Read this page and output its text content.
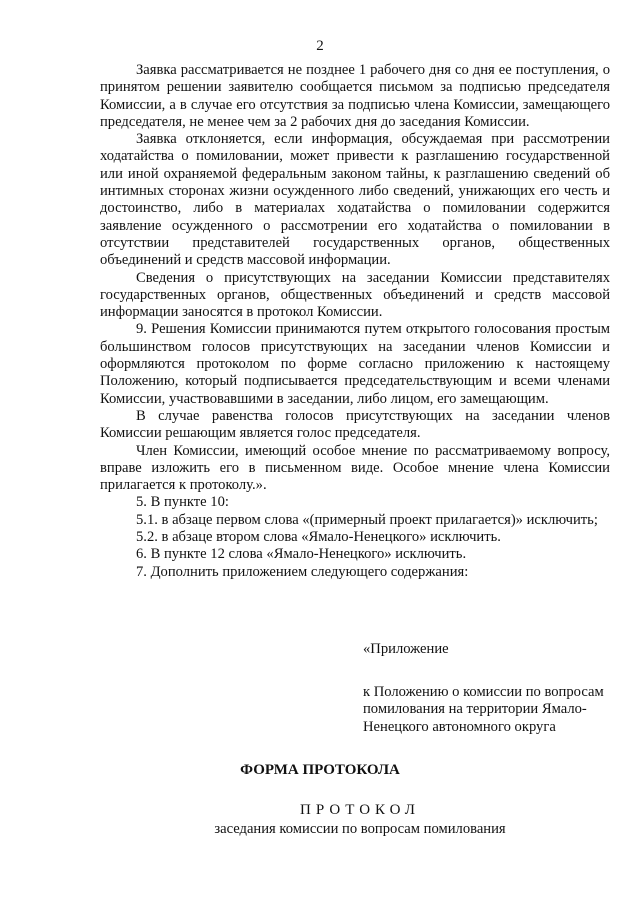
2

Заявка рассматривается не позднее 1 рабочего дня со дня ее поступления, о принятом решении заявителю сообщается письмом за подписью председателя Комиссии, а в случае его отсутствия за подписью члена Комиссии, замещающего председателя, не менее чем за 2 рабочих дня до заседания Комиссии.

Заявка отклоняется, если информация, обсуждаемая при рассмотрении ходатайства о помиловании, может привести к разглашению государственной или иной охраняемой федеральным законом тайны, к разглашению сведений об интимных сторонах жизни осужденного либо сведений, унижающих его честь и достоинство, либо в материалах ходатайства о помиловании содержится заявление осужденного о рассмотрении его ходатайства о помиловании в отсутствии представителей государственных органов, общественных объединений и средств массовой информации.

Сведения о присутствующих на заседании Комиссии представителях государственных органов, общественных объединений и средств массовой информации заносятся в протокол Комиссии.

9. Решения Комиссии принимаются путем открытого голосования простым большинством голосов присутствующих на заседании членов Комиссии и оформляются протоколом по форме согласно приложению к настоящему Положению, который подписывается председательствующим и всеми членами Комиссии, участвовавшими в заседании, либо лицом, его замещающим.

В случае равенства голосов присутствующих на заседании членов Комиссии решающим является голос председателя.

Член Комиссии, имеющий особое мнение по рассматриваемому вопросу, вправе изложить его в письменном виде. Особое мнение члена Комиссии прилагается к протоколу.».

5. В пункте 10:

5.1. в абзаце первом слова «(примерный проект прилагается)» исключить;

5.2. в абзаце втором слова «Ямало-Ненецкого» исключить.

6. В пункте 12 слова «Ямало-Ненецкого» исключить.

7. Дополнить приложением следующего содержания:

«Приложение
к Положению о комиссии по вопросам помилования на территории Ямало-Ненецкого автономного округа
ФОРМА ПРОТОКОЛА
ПРОТОКОЛ
заседания комиссии по вопросам помилования
